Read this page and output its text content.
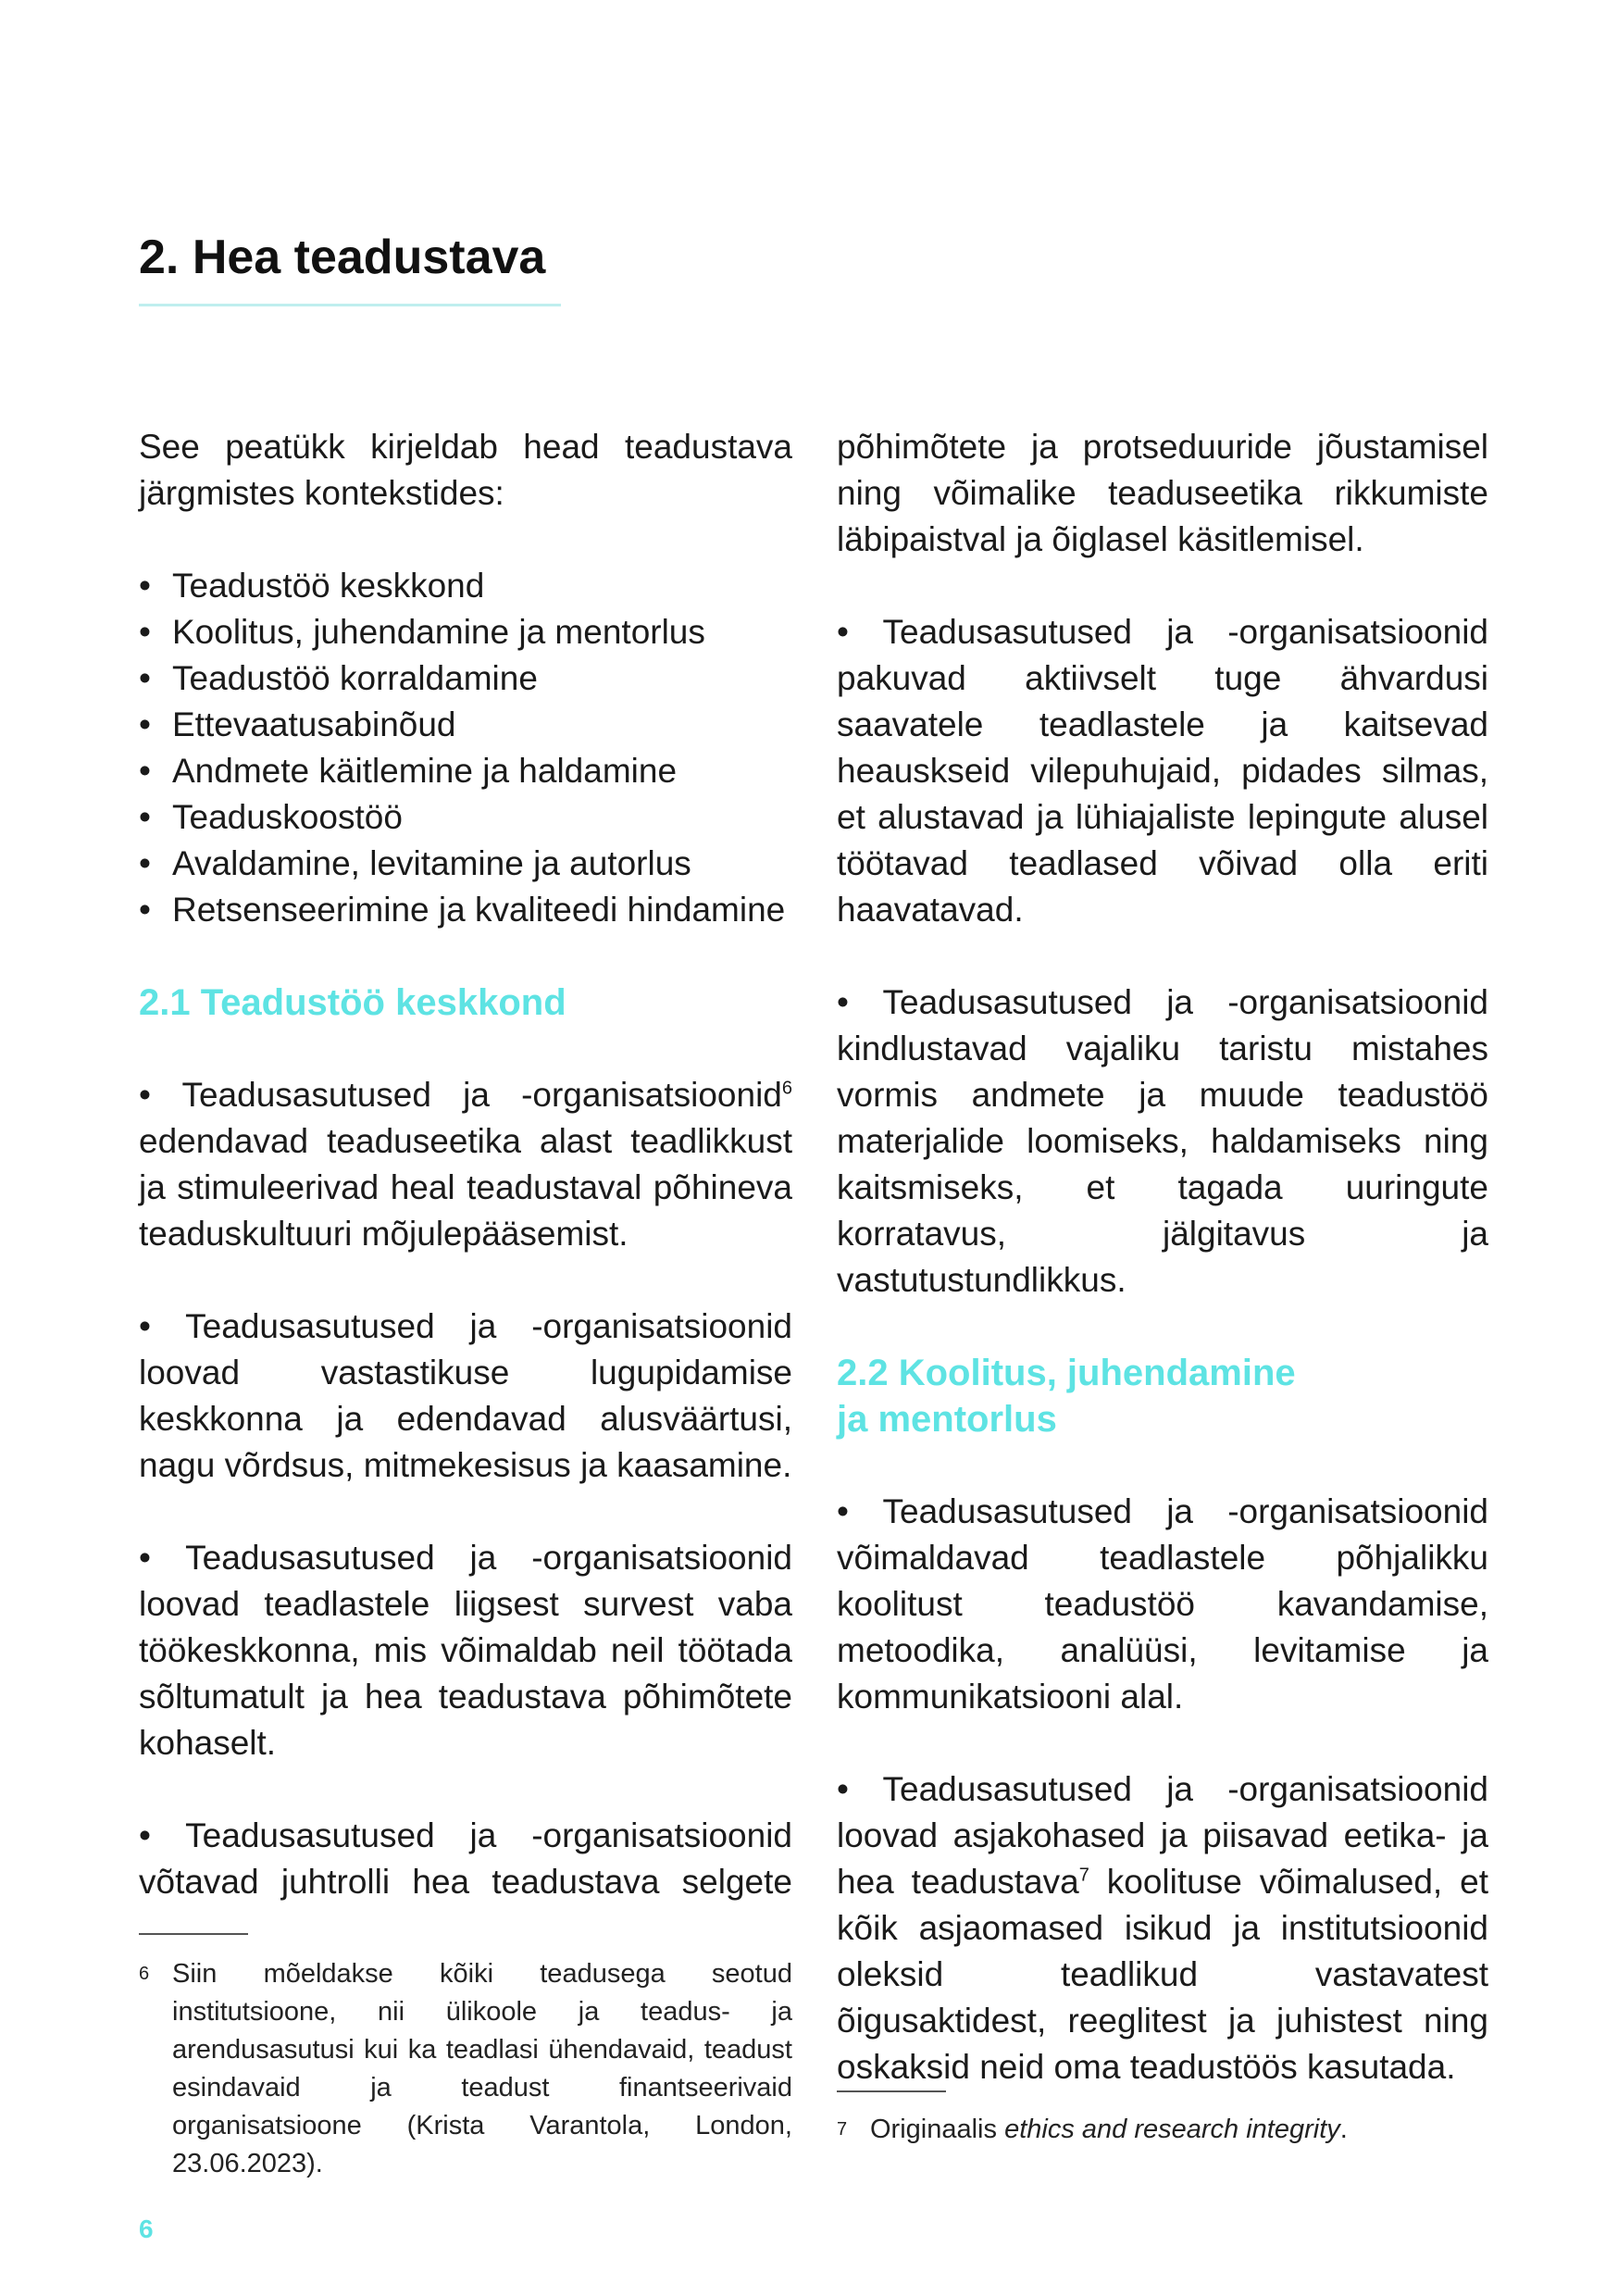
2. Hea teadustava

See peatükk kirjeldab head teadustava järgmistes kontekstides:

• Teadustöö keskkond
• Koolitus, juhendamine ja mentorlus
• Teadustöö korraldamine
• Ettevaatusabinõud
• Andmete käitlemine ja haldamine
• Teaduskoostöö
• Avaldamine, levitamine ja autorlus
• Retsenseerimine ja kvaliteedi hindamine
2.1 Teadustöö keskkond

• Teadusasutused ja -organisatsioonid$^6$ edendavad teaduseetika alast teadlikkust ja stimuleerivad heal teadustaval põhineva teaduskultuuri mõjulepääsemist.

• Teadusasutused ja -organisatsioonid loovad vastastikuse lugupidamise keskkonna ja edendavad alusväärtusi, nagu võrdsus, mitmekesisus ja kaasamine.

• Teadusasutused ja -organisatsioonid loovad teadlastele liigsest survest vaba töökeskkonna, mis võimaldab neil töötada sõltumatult ja hea teadustava põhimõtete kohaselt.

• Teadusasutused ja -organisatsioonid võtavad juhtrolli hea teadustava selgete

põhimõtete ja protseduuride jõustamisel ning võimalike teaduseetika rikkumiste läbipaistval ja õiglasel käsitlemisel.

• Teadusasutused ja -organisatsioonid pakuvad aktiivselt tuge ähvardusi saavatele teadlastele ja kaitsevad heauskseid vilepuhujaid, pidades silmas, et alustavad ja lühiajaliste lepingute alusel töötavad teadlased võivad olla eriti haavatavad.

• Teadusasutused ja -organisatsioonid kindlustavad vajaliku taristu mistahes vormis andmete ja muude teadustöö materjalide loomiseks, haldamiseks ning kaitsmiseks, et tagada uuringute korratavus, jälgitavus ja vastutustundlikkus.

2.2 Koolitus, juhendamine
ja mentorlus

• Teadusasutused ja -organisatsioonid võimaldavad teadlastele põhjalikku koolitust teadustöö kavandamise, metoodika, analüüsi, levitamise ja kommunikatsiooni alal.

• Teadusasutused ja -organisatsioonid loovad asjakohased ja piisavad eetika- ja hea teadustava$^7$ koolituse võimalused, et kõik asjaomased isikud ja institutsioonid oleksid teadlikud vastavatest õigusaktidest, reeglitest ja juhistest ning oskaksid neid oma teadustöös kasutada.

6 Siin mõeldakse kõiki teadusega seotud institutsioone, nii ülikoole ja teadus- ja arendusasutusi kui ka teadlasi ühendavaid, teadust esindavaid ja teadust finantseerivaid organisatsioone (Krista Varantola, London, 23.06.2023).
7 Originaalis ethics and research integrity.
6
